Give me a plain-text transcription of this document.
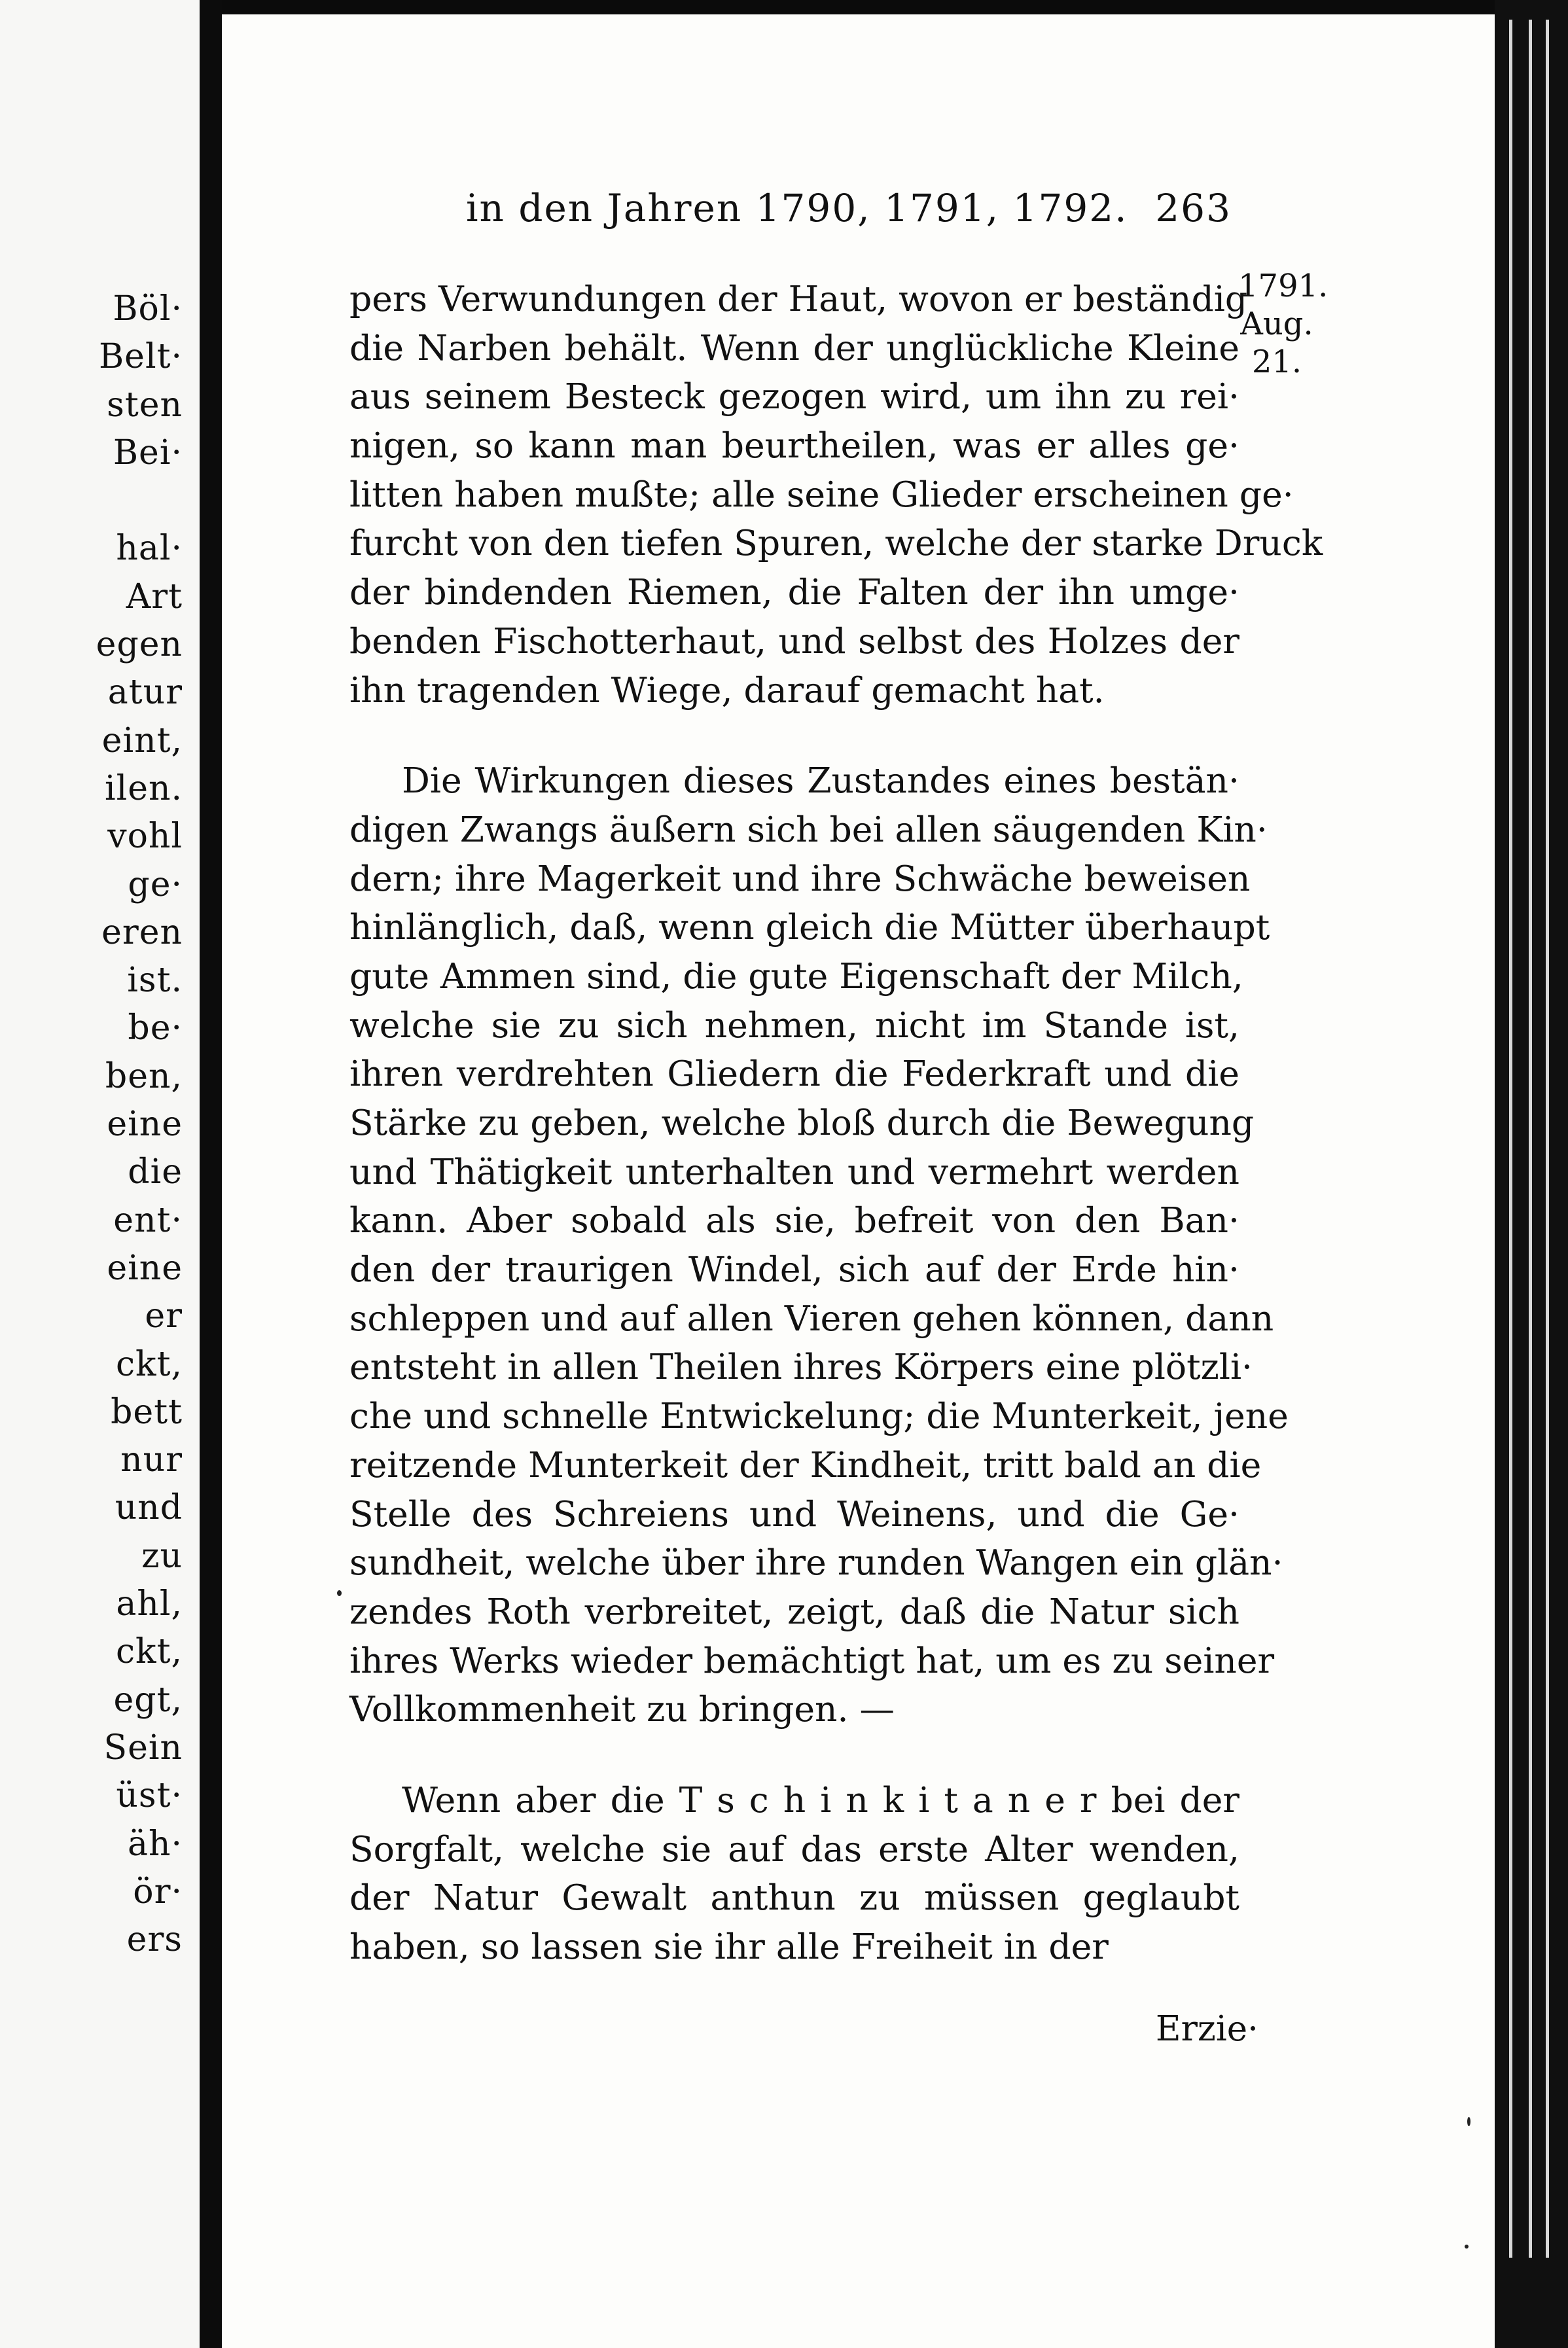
Böl·
Belt·
sten
Bei·
hal·
Art
egen
atur
eint,
ilen.
vohl
ge·
eren
ist.
be·
ben,
eine
die
ent·
eine
er
ckt,
bett
nur
und
zu
ahl,
ckt,
egt,
Sein
üst·
äh·
ör·
ers
in den Jahren 1790, 1791, 1792. 263
1791.
Aug.
21.
pers Verwundungen der Haut, wovon er beständig
die Narben behält. Wenn der unglückliche Kleine
aus seinem Besteck gezogen wird, um ihn zu rei·
nigen, so kann man beurtheilen, was er alles ge·
litten haben mußte; alle seine Glieder erscheinen ge·
furcht von den tiefen Spuren, welche der starke Druck
der bindenden Riemen, die Falten der ihn umge·
benden Fischotterhaut, und selbst des Holzes der
ihn tragenden Wiege, darauf gemacht hat.
Die Wirkungen dieses Zustandes eines bestän·
digen Zwangs äußern sich bei allen säugenden Kin·
dern; ihre Magerkeit und ihre Schwäche beweisen
hinlänglich, daß, wenn gleich die Mütter überhaupt
gute Ammen sind, die gute Eigenschaft der Milch,
welche sie zu sich nehmen, nicht im Stande ist,
ihren verdrehten Gliedern die Federkraft und die
Stärke zu geben, welche bloß durch die Bewegung
und Thätigkeit unterhalten und vermehrt werden
kann. Aber sobald als sie, befreit von den Ban·
den der traurigen Windel, sich auf der Erde hin·
schleppen und auf allen Vieren gehen können, dann
entsteht in allen Theilen ihres Körpers eine plötzli·
che und schnelle Entwickelung; die Munterkeit, jene
reitzende Munterkeit der Kindheit, tritt bald an die
Stelle des Schreiens und Weinens, und die Ge·
sundheit, welche über ihre runden Wangen ein glän·
zendes Roth verbreitet, zeigt, daß die Natur sich
ihres Werks wieder bemächtigt hat, um es zu seiner
Vollkommenheit zu bringen. —
Wenn aber die T s c h i n k i t a n e r bei der
Sorgfalt, welche sie auf das erste Alter wenden,
der Natur Gewalt anthun zu müssen geglaubt
haben, so lassen sie ihr alle Freiheit in der
Erzie·
